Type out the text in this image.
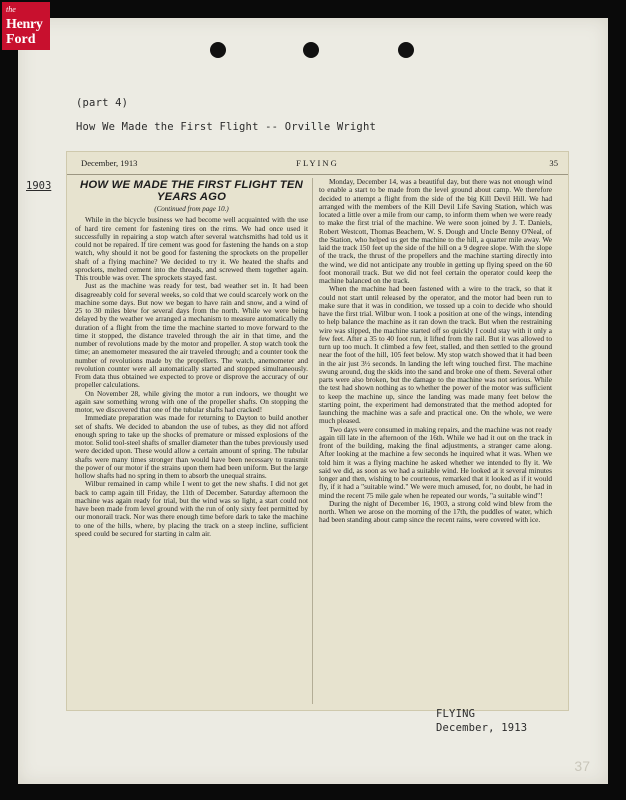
(part 4)
How We Made the First Flight -- Orville Wright
1903
December, 1913	FLYING	35
HOW WE MADE THE FIRST FLIGHT TEN YEARS AGO
(Continued from page 10.)

While in the bicycle business we had become well acquainted with the use of hard tire cement for fastening tires on the rims. We had once used it successfully in repairing a stop watch after several watchsmiths had told us it could not be repaired. If tire cement was good for fastening the hands on a stop watch, why should it not be good for fastening the sprockets on the propeller shaft of a flying machine? We decided to try it. We heated the shafts and sprockets, melted cement into the threads, and screwed them together again. This trouble was over. The sprockets stayed fast.

Just as the machine was ready for test, bad weather set in. It had been disagreeably cold for several weeks, so cold that we could scarcely work on the machine some days. But now we began to have rain and snow, and a wind of 25 to 30 miles blew for several days from the north. While we were being delayed by the weather we arranged a mechanism to measure automatically the duration of a flight from the time the machine started to move forward to the time it stopped, the distance traveled through the air in that time, and the number of revolutions made by the motor and propeller. A stop watch took the time; an anemometer measured the air traveled through; and a counter took the number of revolutions made by the propellers. The watch, anemometer and revolution counter were all automatically started and stopped simultaneously. From data thus obtained we expected to prove or disprove the accuracy of our propeller calculations.

On November 28, while giving the motor a run indoors, we thought we again saw something wrong with one of the propeller shafts. On stopping the motor, we discovered that one of the tubular shafts had cracked!

Immediate preparation was made for returning to Dayton to build another set of shafts. We decided to abandon the use of tubes, as they did not afford enough spring to take up the shocks of premature or missed explosions of the motor. Solid tool-steel shafts of smaller diameter than the tubes previously used were decided upon. These would allow a certain amount of spring. The tubular shafts were many times stronger than would have been necessary to transmit the power of our motor if the strains upon them had been uniform. But the large hollow shafts had no spring in them to absorb the unequal strains.

Wilbur remained in camp while I went to get the new shafts. I did not get back to camp again till Friday, the 11th of December. Saturday afternoon the machine was again ready for trial, but the wind was so light, a start could not have been made from level ground with the run of only sixty feet permitted by our monorail track. Nor was there enough time before dark to take the machine to one of the hills, where, by placing the track on a steep incline, sufficient speed could be secured for starting in calm air.

Monday, December 14, was a beautiful day, but there was not enough wind to enable a start to be made from the level ground about camp. We therefore decided to attempt a flight from the side of the big Kill Devil Hill. We had arranged with the members of the Kill Devil Life Saving Station, which was located a little over a mile from our camp, to inform them when we were ready to make the first trial of the machine. We were soon joined by J. T. Daniels, Robert Westcott, Thomas Beachem, W. S. Dough and Uncle Benny O'Neal, of the Station, who helped us get the machine to the hill, a quarter mile away. We laid the track 150 feet up the side of the hill on a 9 degree slope. With the slope of the track, the thrust of the propellers and the machine starting directly into the wind, we did not anticipate any trouble in getting up flying speed on the 60 foot monorail track. But we did not feel certain the operator could keep the machine balanced on the track.

When the machine had been fastened with a wire to the track, so that it could not start until released by the operator, and the motor had been run to make sure that it was in condition, we tossed up a coin to decide who should have the first trial. Wilbur won. I took a position at one of the wings, intending to help balance the machine as it ran down the track. But when the restraining wire was slipped, the machine started off so quickly I could stay with it only a few feet. After a 35 to 40 foot run, it lifted from the rail. But it was allowed to turn up too much. It climbed a few feet, stalled, and then settled to the ground near the foot of the hill, 105 feet below. My stop watch showed that it had been in the air just 3½ seconds. In landing the left wing touched first. The machine swung around, dug the skids into the sand and broke one of them. Several other parts were also broken, but the damage to the machine was not serious. While the test had shown nothing as to whether the power of the motor was sufficient to keep the machine up, since the landing was made many feet below the starting point, the experiment had demonstrated that the method adopted for launching the machine was a safe and practical one. On the whole, we were much pleased.

Two days were consumed in making repairs, and the machine was not ready again till late in the afternoon of the 16th. While we had it out on the track in front of the building, making the final adjustments, a stranger came along. After looking at the machine a few seconds he inquired what it was. When we told him it was a flying machine he asked whether we intended to fly it. We said we did, as soon as we had a suitable wind. He looked at it several minutes longer and then, wishing to be courteous, remarked that it looked as if it would fly, if it had a "suitable wind." We were much amused, for, no doubt, he had in mind the recent 75 mile gale when he repeated our words, "a suitable wind"!

During the night of December 16, 1903, a strong cold wind blew from the north. When we arose on the morning of the 17th, the puddles of water, which had been standing about camp since the recent rains, were covered with ice.

FLYING
December, 1913
37
the
Henry
Ford
